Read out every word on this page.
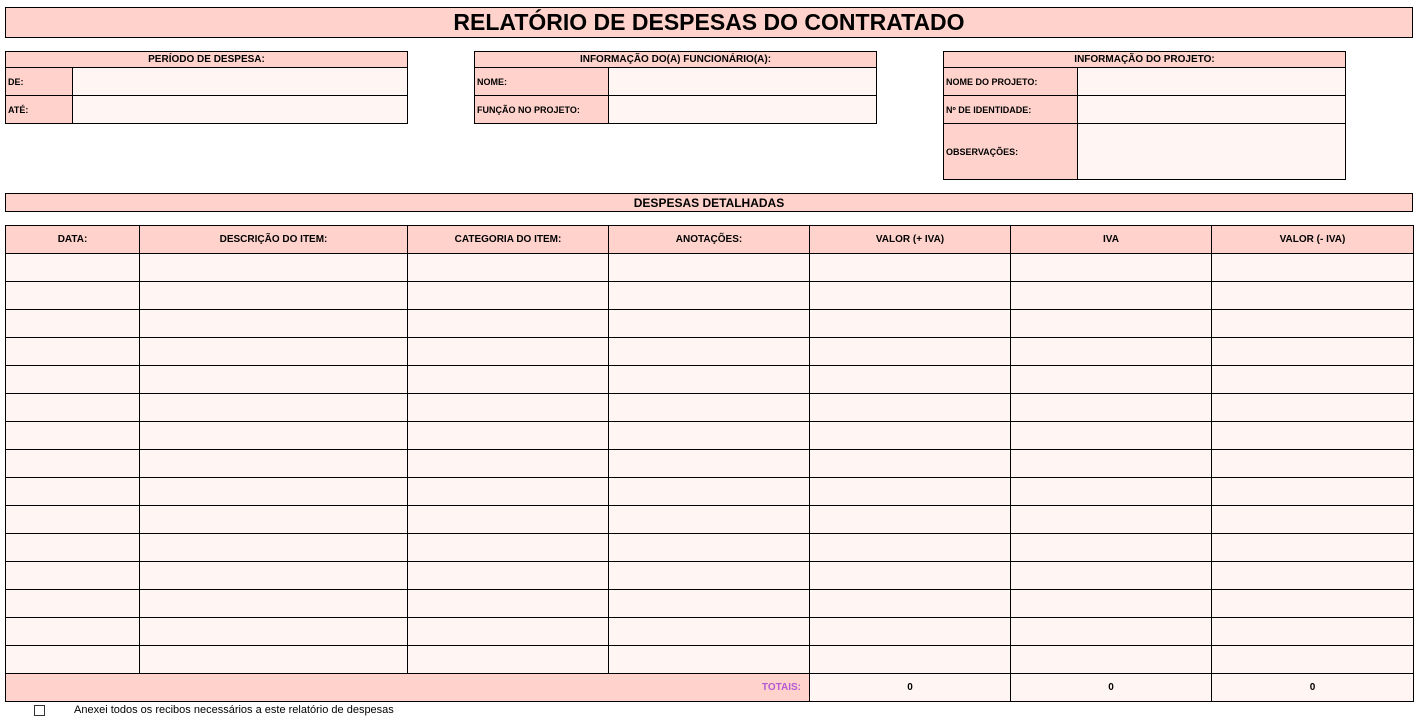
RELATÓRIO DE DESPESAS DO CONTRATADO
PERÍODO DE DESPESA:	
DE:	
ATÉ:	
INFORMAÇÃO DO(A) FUNCIONÁRIO(A):	
NOME:	
FUNÇÃO NO PROJETO:	
INFORMAÇÃO DO PROJETO:	
NOME DO PROJETO:	
Nº DE IDENTIDADE:	
OBSERVAÇÕES:	
DESPESAS DETALHADAS
DATA:	DESCRIÇÃO DO ITEM:	CATEGORIA DO ITEM:	ANOTAÇÕES:	VALOR (+ IVA)	IVA	VALOR (- IVA)

TOTAIS:				0	0	0
Anexei todos os recibos necessários a este relatório de despesas
